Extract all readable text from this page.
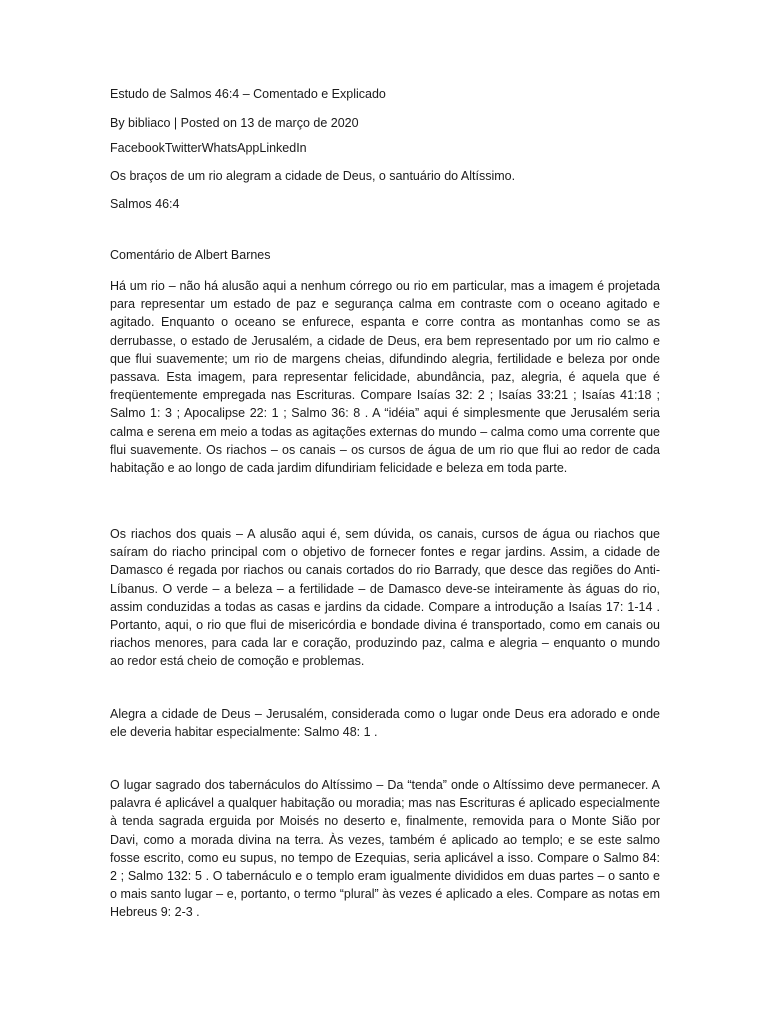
Estudo de Salmos 46:4 – Comentado e Explicado

By bibliaco | Posted on 13 de março de 2020

FacebookTwitterWhatsAppLinkedIn

Os braços de um rio alegram a cidade de Deus, o santuário do Altíssimo.

Salmos 46:4

Comentário de Albert Barnes

Há um rio – não há alusão aqui a nenhum córrego ou rio em particular, mas a imagem é projetada para representar um estado de paz e segurança calma em contraste com o oceano agitado e agitado. Enquanto o oceano se enfurece, espanta e corre contra as montanhas como se as derrubasse, o estado de Jerusalém, a cidade de Deus, era bem representado por um rio calmo e que flui suavemente; um rio de margens cheias, difundindo alegria, fertilidade e beleza por onde passava. Esta imagem, para representar felicidade, abundância, paz, alegria, é aquela que é freqüentemente empregada nas Escrituras. Compare Isaías 32: 2 ; Isaías 33:21 ; Isaías 41:18 ; Salmo 1: 3 ; Apocalipse 22: 1 ; Salmo 36: 8 . A “idéia” aqui é simplesmente que Jerusalém seria calma e serena em meio a todas as agitações externas do mundo – calma como uma corrente que flui suavemente. Os riachos – os canais – os cursos de água de um rio que flui ao redor de cada habitação e ao longo de cada jardim difundiriam felicidade e beleza em toda parte.

Os riachos dos quais – A alusão aqui é, sem dúvida, os canais, cursos de água ou riachos que saíram do riacho principal com o objetivo de fornecer fontes e regar jardins. Assim, a cidade de Damasco é regada por riachos ou canais cortados do rio Barrady, que desce das regiões do Anti-Líbanus. O verde – a beleza – a fertilidade – de Damasco deve-se inteiramente às águas do rio, assim conduzidas a todas as casas e jardins da cidade. Compare a introdução a Isaías 17: 1-14 . Portanto, aqui, o rio que flui de misericórdia e bondade divina é transportado, como em canais ou riachos menores, para cada lar e coração, produzindo paz, calma e alegria – enquanto o mundo ao redor está cheio de comoção e problemas.

Alegra a cidade de Deus – Jerusalém, considerada como o lugar onde Deus era adorado e onde ele deveria habitar especialmente: Salmo 48: 1 .

O lugar sagrado dos tabernáculos do Altíssimo – Da “tenda” onde o Altíssimo deve permanecer. A palavra é aplicável a qualquer habitação ou moradia; mas nas Escrituras é aplicado especialmente à tenda sagrada erguida por Moisés no deserto e, finalmente, removida para o Monte Sião por Davi, como a morada divina na terra. Às vezes, também é aplicado ao templo; e se este salmo fosse escrito, como eu supus, no tempo de Ezequias, seria aplicável a isso. Compare o Salmo 84: 2 ; Salmo 132: 5 . O tabernáculo e o templo eram igualmente divididos em duas partes – o santo e o mais santo lugar – e, portanto, o termo “plural” às vezes é aplicado a eles. Compare as notas em Hebreus 9: 2-3 .
